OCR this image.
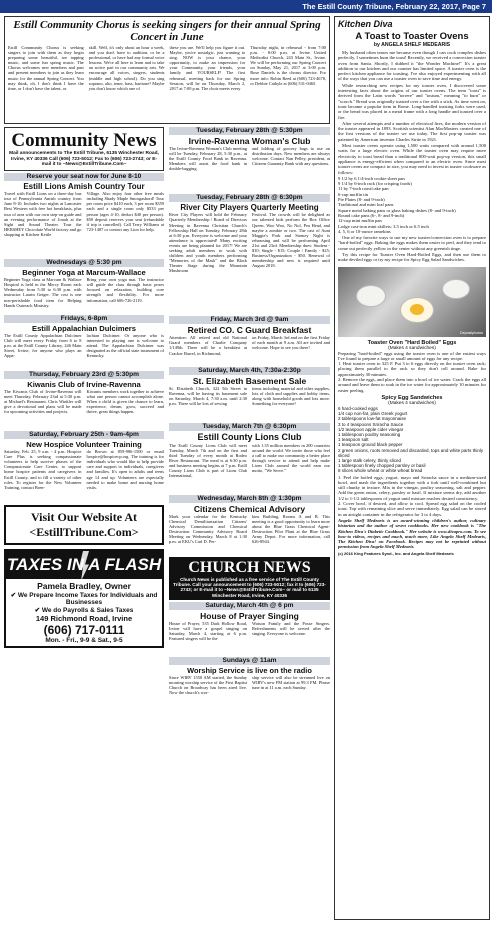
The Estill County Tribune, February 22, 2017, Page 7
Estill Community Chorus is seeking singers for their annual Spring Concert in June
Estill Community Chorus is seeking singers to join with them as they begin preparing some beautiful, toe tapping music, and some fun spring music. The Chorus welcomes new members and past and present members to join as they learn music for the annual Spring Concert. You may think, oh, I don't think I have the time, or I don't have the talent, or
skill. Well, it's only about an hour a week, and you don't have to audition, or be a professional, or have had any formal voice lessons. We're all here to learn and to take an active part in our community arts. We encourage all voices, singers, students (middle and high school). Do you sing soprano, alto, tenor, bass, baritone? Maybe you don't know which one of
these you are. We'll help you figure it out. Maybe, you're nostalgic, just wanting to sing. NOW is your chance, your opportunity, to make an impression for your Community, your friends, your family and YOURSELF! The first rehearsal, meeting back for our Spring Session, will be on Thursday, March 2, 2017 at 7:00 p.m. The choir meets every
Thursday night, in rehearsal - from 7:00 p.m. - 8:00 p.m. at Irvine United Methodist Church, 243 Main St., Irvine. We will be performing our Spring Concert on Sunday, May 21, 2017 at 3:00 p.m. Rose Daniels is the chorus director. For more info: Robin Reed at (606) 723-4678, or Debbie Cathyle at (606) 531-0465.
Community News
Mail announcements to The Estill Tribune, 6135 Winchester Road, Irvine, KY 40336 Call (606) 723-5012; Fax to (606) 723-2743; or E-mail it to ~News@EstillTribune.Com~
Reserve your seat now for June 8-10
Estill Lions Amish Country Tour
Travel with Estill Lions on a three-day bus tour of Pennsylvania Amish country from June 8-10. Includes two nights at Lancaster Best Western with free hot breakfasts, plus tour of area with our own step-on guide and an evening performance of Jonah at the Sight and Sound Theater. Tour the HERSHEY Chocolate World factory and go shopping at Kitchen Kettle
Village. Also enjoy four other free meals including Shady Maple Smorgasbord! Tour per room price $410 each, 3 per room $359 each and a single room only $533 per person (ages 4-10, deduct $40 per person). $50 deposit reserves your seat (refundable if trip is cancelled). Call Terry Williams at 723-1487 or contact any Lion for help.
Wednesdays @ 5:30 pm
Beginner Yoga at Marcum-Wallace
Beginner Yoga class at Marcum & Wallace Hospital is held in the Mercy Room each Wednesday from 5:30 to 6:30 p.m. with instructor Laurin Geiger. The cost is one non-perishable food item for Helping Hands Outreach Ministry.
Bring your own yoga mat. The instructor will guide the class through basic poses focused on relaxation, building core strength and flexibility. For more information, call 606-726-2119.
Fridays, 6-8pm
Estill Appalachian Dulcimers
The Estill County Appalachian Dulcimer Club will meet every Friday from 6 to 8 p.m. at the Estill County Library, 246 Main Street, Irvine, for anyone who plays an Appa-
lachian Dulcimer. Or anyone who is interested in playing one is welcome to attend. The Appalachian Dulcimer was designated as the official state instrument of Kentucky.
Thursday, February 23rd @ 5:30pm
Kiwanis Club of Irvine-Ravenna
The Kiwanis Club of Irvine-Ravenna will meet Thursday, February 23rd at 5:30 p.m. at Michael's Restaurant. Chris Winkler will give a devotional and plans will be made for upcoming activities and projects.
Kiwanis members work together to achieve what one person cannot accomplish alone. When a child is given the chance to learn, experience, dream, grow, succeed and thrive, great things happen.
Saturday, February 25th - 9am-4pm
New Hospice Volunteer Training
Saturday, Feb. 25, 9 a.m. - 4 p.m. Hospice Care Plus is seeking compassionate volunteers to help survive phases of the Compassionate Care Center, to support home hospice patients and caregivers in Estill County, and to fill a variety of other roles. To register for the New Volunteer Training, contact Bren-
da Brown at 859-986-1500 or email hospice@hospicecp.org. The training is for individuals who would like to help provide care and support to individuals, caregivers and families. It's open to adults and teens age 14 and up. Volunteers are especially needed to make home and nursing home visits.
Visit Our Website At
<EstillTribune.Com>
TAXES IN A FLASH
Pamela Bradley, Owner
✔ We Prepare Income Taxes for Individuals and Businesses
✔ We do Payrolls & Sales Taxes
149 Richmond Road, Irvine
(606) 717-0111
Mon. - Fri., 9-9 & Sat., 9-5
Tuesday, February 28th @ 5:30pm
Irvine-Ravenna Woman's Club
The Irvine-Ravenna Woman's Club meeting will be Tuesday, February 28, 5:30 p.m., at the Estill County Food Bank in Ravenna. Members will assist the food bank in double-bagging
and folding of grocery bags to use on distribution days. New members are always welcome. Contact Nan Pelley, president, at Citizens Guaranty Bank with any questions.
Tuesday, February 28th @ 6:30pm
River City Players Quarterly Meeting
River City Players will hold the February Quarterly Membership / Board of Directors Meeting in Ravenna Christian Church's Fellowship Hall on Tuesday, February 28th at 6:30 p.m. Everyone is welcome and your attendance is appreciated! Many exciting events are being planned for 2017! We are seeking adult members to work with children and youth members performing "Memories of the Mask" and the Black Theater Stage during the Mountain Mushroom
Festival. The crowds will be delighted as our talented kids perform the Box Office Queen, Woo Woo, No Nol, Pea Head, and maybe a zombie or two. The cast of Aunt Maggie's Pork and Stomey Night is rehearsing and will be performing April 21st and 23rd. Membership dues: Student - $10; Single - $15; Couple / Family - $25; Business/Organization - $50. Renewal of membership and new is required until August 2018.
Friday, March 3rd @ 9am
Retired CO. C Guard Breakfast
Attention: All retired and old National Guard members of Charlie Company 1/149th. There will be a breakfast at Cracker Barrel, in Richmond,
on Friday, March 3rd and on the first Friday of each month at 9 a.m. All are invited and welcome. Hope to see you there!
Saturday, March 4th, 7:30a-2:30p
St. Elizabeth Basement Sale
St. Elizabeth Church, 322 5th Street in Ravenna, will be having its basement sale on Saturday, March 4, 7:30 a.m. until 2:30 p.m. There will be lots of sewing
items including material and other supplies, lots of cloth and supplies and hobby items, along with household goods and lots more. Something for everyone!
Tuesday, March 7th @ 6:30pm
Estill County Lions Club
The Estill County Lions Club will meet Tuesday, March 7th and on the first and third Tuesday of every month at Rodeo River Restaurant. The meal is at 6:30 p.m. and business meeting begins at 7 p.m. Estill County Lions Club is part of Lions Club International,
with 1.35 million members in 200 countries around the world. We invite those who feel a call to make our community a better place through service to attend and help make Lions Club around the world earn our motto, "We Serve."
Wednesday, March 8th @ 1:30pm
Citizens Chemical Advisory
Mark your calendar for the Kentucky Chemical Demilitarization Citizens' Advisory Commission and Chemical Destruction Community Advisory Board Meeting on Wednesday, March 8 at 1:30 p.m. at EKU's Carl D. Per-
kins Building, Rooms A and B. This meeting is a good opportunity to learn more about the Blue Grass Chemical Agent-Destruction Pilot Plant at the Blue Grass Army Depot. For more information, call 626-8944.
CHURCH NEWS
Church News is published as a free service of The Estill County Tribune. Call your announcement to (606) 723-5012; fax it to (606) 723-2743; or E-mail it to ~News@EstillTribune.Com~ or mail to 6135 Winchester Road, Irvine, KY 40336
Saturday, March 4th @ 6 pm
House of Prayer Singing
House of Prayer, 535 Dark Hollow Road, Irvine will have a gospel singing on Saturday, March 4, starting at 6 p.m. Featured singers will be the
Watson Family and the Posse Singers. Refreshments will be served after the singing. Everyone is welcome.
Sundays @ 11am
Worship Service is live on the radio
Since WIRV 1550 AM started, the Sunday morning worship service of the First Baptist Church on Broadway has been aired live. Now the church's wor-
ship service will also be streamed live on WIRV's new FM station at 99.3 FM. Please tune in at 11 a.m. each Sunday.
Kitchen Diva
A Toast to Toaster Ovens
by ANGELA SHELF MEDEARIS

My husband often teases me because even though I can cook complex dishes perfectly, I sometimes burn the toast! Recently, we received a convection toaster oven from Santa. Shortly, I dubbed it "the Wonder Machine!" It's a great addition to our kitchen and our counter has limited space. A toaster oven is the perfect kitchen appliance for toasting. I've also enjoyed experimenting with all of the ways that you can use a toaster oven to save time and energy.

While researching new recipes for my toaster oven, I discovered some interesting facts about the origins of our toaster ovens. The term "toast" is derived from the Latin words "torrere" and "tostum," meaning "to burn" or "scorch." Bread was originally toasted over a fire with a stick. As time went on, toast became a popular item in Rome. Long-handled toasting forks were used, or the bread was placed in a metal frame with a long handle and toasted over a fire.

After several attempts and a number of electrical fires, the modern version of the toaster appeared in 1893. Scottish scientist Alan MacMasters created one of the first versions of the toaster we use today. The first pop-up toaster was patented by American inventor Charles Strite in 1921.

Most toaster ovens operate using 1,500 watts compared with around 1,500 watts for a large electric oven. While the toaster oven may require more electricity to toast bread than a traditional 800-watt pop-up version, this small appliance is energy-efficient when compared to an electric oven. Since most toaster ovens are compact in size, you may need to invest in toaster cookware as follows:

9 1/2 by 6 1/4-inch cookie sheet pan
9 1/4 by 6-inch rack (for crisping foods)
11 by 7-inch roast/cake pan
6-cup muffin tin
Pie Plates (8- and 9-inch)
Traditional and mini loaf pans
Square metal baking pans or glass baking dishes (8- and 9-inch)
Round cake pans (6-, 8- and 9-inch)
12-cup mini muffin pan
Lodge cast-iron mini skillets: 3.5 inch or 6.5 inch
4, 5, 6 or 10-ounce ramekins

One of my favorite ways to use my new toaster/convection oven is to prepare "hard-boiled" eggs. Baking the eggs makes them easier to peel, and they tend to come out perfectly yellow in the center without any greenish tinge.

Try this recipe for Toaster Oven Hard-Boiled Eggs, and then use them to make deviled eggs or try my recipe for Spicy Egg Salad Sandwiches.

Depositphotos
Toaster Oven "Hard Boiled" Eggs
(Makes 4 sandwiches)
Preparing "hard-boiled" eggs using the toaster oven is one of the easiest ways I've found to prepare a large or small amount of eggs for any recipe.
1. Heat toaster oven to 325 F. Put 3 to 6 eggs directly on the toaster oven rack; placing them parallel to the rack so they don't roll around. Bake for approximately 30 minutes.
2. Remove the eggs, and place them into a bowl of ice water. Crack the eggs all around and leave them to soak in the ice water for approximately 10 minutes for easier peeling.
Spicy Egg Sandwiches
(Makes 4 sandwiches)
6 hard-cooked eggs
1/4 cup non-fat, plain Greek yogurt
2 tablespoons low-fat mayonnaise
3 to 4 teaspoons Sriracha Sauce
1/2 teaspoon apple cider vinegar
1 tablespoon poultry seasoning
1 teaspoon salt
1 teaspoon ground black pepper
2 green onions, roots removed and discarded, tops and white parts thinly sliced
1 large stalk celery, thinly sliced
1 tablespoon finely chopped parsley or basil
8 slices whole wheat or white wheat bread
1. Peel the boiled eggs, yogurt, mayo and Sriracha sauce in a medium-sized bowl, and mash the ingredients together with a fork until well-combined but still chunky in texture. Mix in the vinegar, poultry seasoning, salt and pepper. Add the green onion, celery, parsley or basil. If mixture seems dry, add another 1/2 to 1-1/2 tablespoons of yogurt until mixture reaches desired consistency.
2. Cover bowl, if desired, and allow to cool. Spread egg salad on the cooled toast. Top with remaining slice and serve immediately. Egg salad can be stored in an airtight container in the refrigerator for 3 to 4 days.
Angela Shelf Medearis is an award-winning children's author, culinary historian and the author of seven cookbooks. Her new cookbook is "The Kitchen Diva's Diabetic Cookbook." Her website is www.divapro.com. To see how-to videos, recipes and much, much more, Like Angela Shelf Medearis, The Kitchen Diva! on Facebook. Recipes may not be reprinted without permission from Angela Shelf Medearis.
(c) 2016 King Features Synd., Inc. and Angela Shelf Medearis
